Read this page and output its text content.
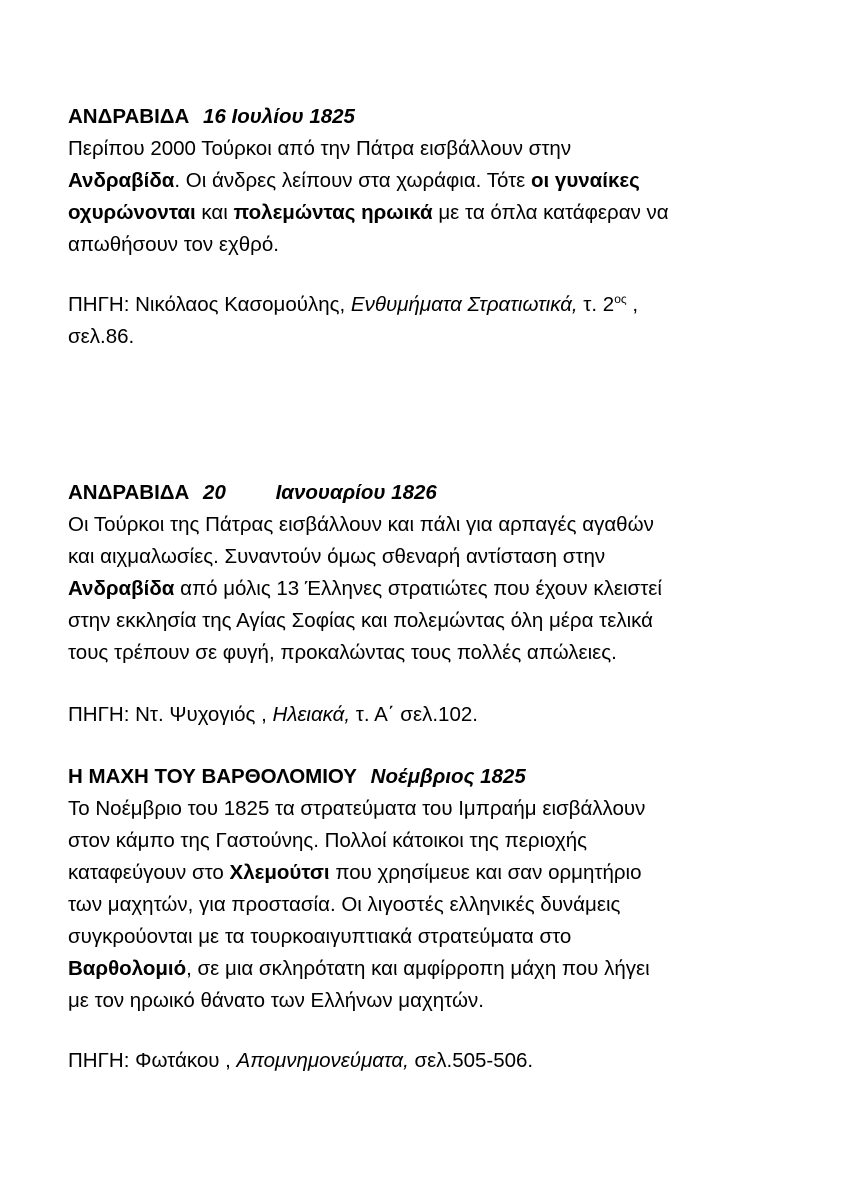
ΑΝΔΡΑΒΙΔΑ 16 Ιουλίου 1825
Περίπου 2000 Τούρκοι από την Πάτρα εισβάλλουν στην
Ανδραβίδα. Οι άνδρες λείπουν στα χωράφια. Τότε οι γυναίκες
οχυρώνονται και πολεμώντας ηρωικά με τα όπλα κατάφεραν να
απωθήσουν τον εχθρό.
ΠΗΓΗ: Νικόλαος Κασομούλης, Ενθυμήματα Στρατιωτικά, τ. $2^{o\varsigma}$ ,
σελ.86.
ΑΝΔΡΑΒΙΔΑ 20 Ιανουαρίου 1826
Οι Τούρκοι της Πάτρας εισβάλλουν και πάλι για αρπαγές αγαθών
και αιχμαλωσίες. Συναντούν όμως σθεναρή αντίσταση στην
Ανδραβίδα από μόλις 13 Έλληνες στρατιώτες που έχουν κλειστεί
στην εκκλησία της Αγίας Σοφίας και πολεμώντας όλη μέρα τελικά
τους τρέπουν σε φυγή, προκαλώντας τους πολλές απώλειες.
ΠΗΓΗ: Ντ. Ψυχογιός , Ηλειακά, τ. Α΄ σελ.102.
Η ΜΑΧΗ ΤΟΥ ΒΑΡΘΟΛΟΜΙΟΥ Νοέμβριος 1825
Το Νοέμβριο του 1825 τα στρατεύματα του Ιμπραήμ εισβάλλουν
στον κάμπο της Γαστούνης. Πολλοί κάτοικοι της περιοχής
καταφεύγουν στο Χλεμούτσι που χρησίμευε και σαν ορμητήριο
των μαχητών, για προστασία. Οι λιγοστές ελληνικές δυνάμεις
συγκρούονται με τα τουρκοαιγυπτιακά στρατεύματα στο
Βαρθολομιό, σε μια σκληρότατη και αμφίρροπη μάχη που λήγει
με τον ηρωικό θάνατο των Ελλήνων μαχητών.
ΠΗΓΗ: Φωτάκου , Απομνημονεύματα, σελ.505-506.
